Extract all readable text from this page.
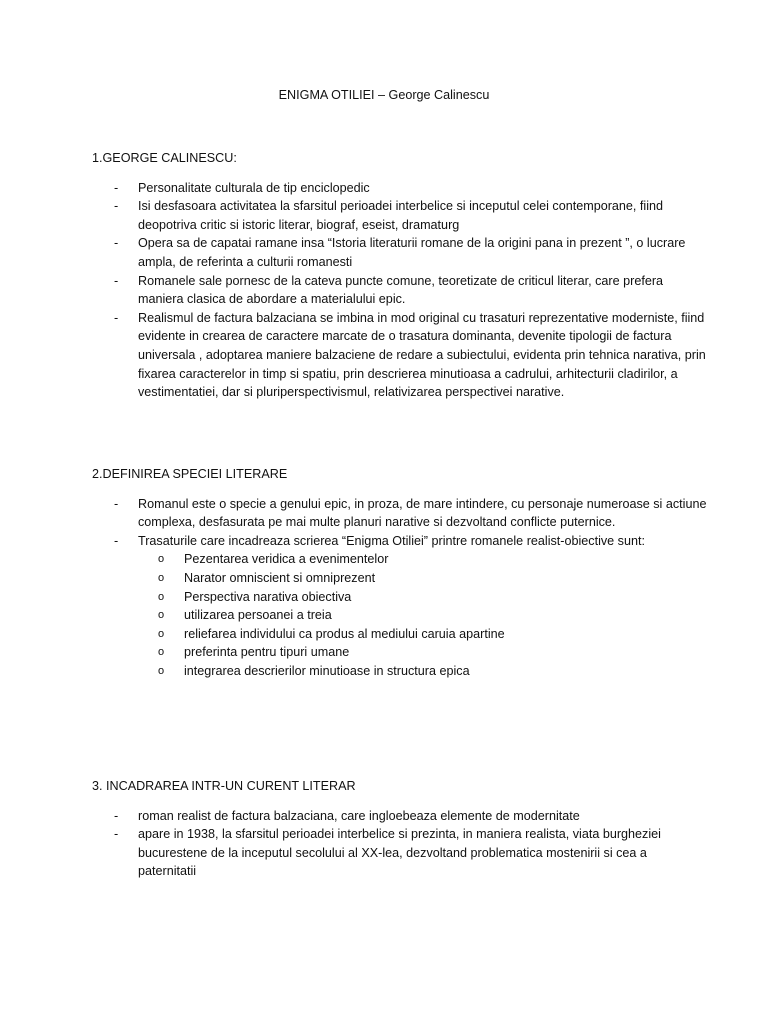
ENIGMA OTILIEI – George Calinescu
1.GEORGE CALINESCU:
- Personalitate culturala de tip enciclopedic
- Isi desfasoara activitatea la sfarsitul perioadei interbelice si inceputul celei contemporane, fiind deopotriva critic si istoric literar, biograf, eseist, dramaturg
- Opera sa de capatai ramane insa “Istoria literaturii romane de la origini pana in prezent ”, o lucrare ampla, de referinta a culturii romanesti
- Romanele sale pornesc de la cateva puncte comune, teoretizate de criticul literar, care prefera maniera clasica de abordare a materialului epic.
- Realismul de factura balzaciana se imbina in mod original cu trasaturi reprezentative moderniste, fiind evidente in crearea de caractere marcate de o trasatura dominanta, devenite tipologii de factura universala , adoptarea maniere balzaciene de redare a subiectului, evidenta prin tehnica narativa, prin fixarea caracterelor in timp si spatiu, prin descrierea minutioasa a cadrului, arhitecturii cladirilor, a vestimentatiei, dar si pluriperspectivismul, relativizarea perspectivei narative.
2.DEFINIREA SPECIEI LITERARE
- Romanul este o specie a genului epic, in proza, de mare intindere, cu personaje numeroase si actiune complexa, desfasurata pe mai multe planuri narative si dezvoltand conflicte puternice.
- Trasaturile care incadreaza scrierea “Enigma Otiliei” printre romanele realist-obiective sunt:
o Pezentarea veridica a evenimentelor
o Narator omniscient si omniprezent
o Perspectiva narativa obiectiva
o utilizarea persoanei a treia
o reliefarea individului ca produs al mediului caruia apartine
o preferinta pentru tipuri umane
o integrarea descrierilor minutioase in structura epica
3. INCADRAREA INTR-UN CURENT LITERAR
- roman realist de factura balzaciana, care ingloebeaza elemente de modernitate
- apare in 1938, la sfarsitul perioadei interbelice si prezinta, in maniera realista, viata burgheziei bucurestene de la inceputul secolului al XX-lea, dezvoltand problematica mostenirii si cea a paternitatii
